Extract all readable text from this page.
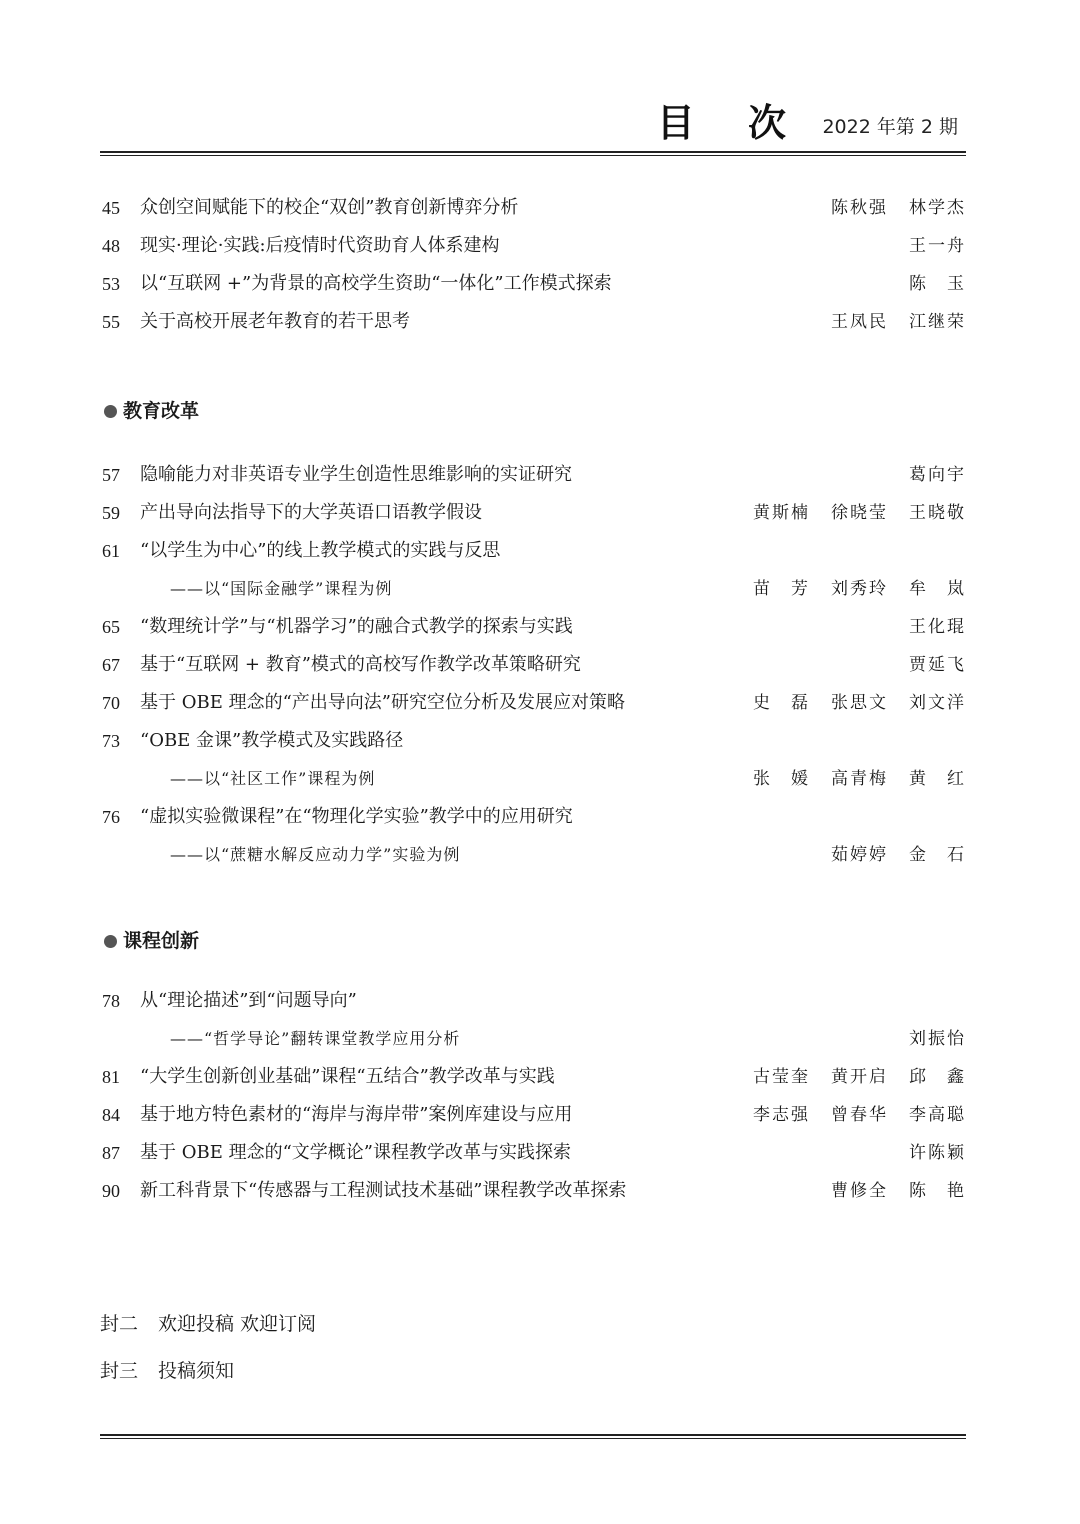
目 次 2022 年第 2 期
45	众创空间赋能下的校企“双创”教育创新博弈分析	陈秋强	林学杰
48	现实·理论·实践:后疫情时代资助育人体系建构	王一舟
53	以“互联网 +”为背景的高校学生资助“一体化”工作模式探索	陈　玉
55	关于高校开展老年教育的若干思考	王凤民	江继荣
教育改革
57	隐喻能力对非英语专业学生创造性思维影响的实证研究	葛向宇
59	产出导向法指导下的大学英语口语教学假设	黄斯楠	徐晓莹	王晓敬
61	“以学生为中心”的线上教学模式的实践与反思
——以“国际金融学”课程为例	苗　芳	刘秀玲	牟　岚
65	“数理统计学”与“机器学习”的融合式教学的探索与实践	王化琨
67	基于“互联网 + 教育”模式的高校写作教学改革策略研究	贾延飞
70	基于 OBE 理念的“产出导向法”研究空位分析及发展应对策略	史　磊	张思文	刘文洋
73	“OBE 金课”教学模式及实践路径
——以“社区工作”课程为例	张　媛	高青梅	黄　红
76	“虚拟实验微课程”在“物理化学实验”教学中的应用研究
——以“蔗糖水解反应动力学”实验为例	茹婷婷	金　石
课程创新
78	从“理论描述”到“问题导向”
——“哲学导论”翻转课堂教学应用分析	刘振怡
81	“大学生创新创业基础”课程“五结合”教学改革与实践	古莹奎	黄开启	邱　鑫
84	基于地方特色素材的“海岸与海岸带”案例库建设与应用	李志强	曾春华	李高聪
87	基于 OBE 理念的“文学概论”课程教学改革与实践探索	许陈颖
90	新工科背景下“传感器与工程测试技术基础”课程教学改革探索	曹修全	陈　艳
封二 欢迎投稿 欢迎订阅
封三 投稿须知
